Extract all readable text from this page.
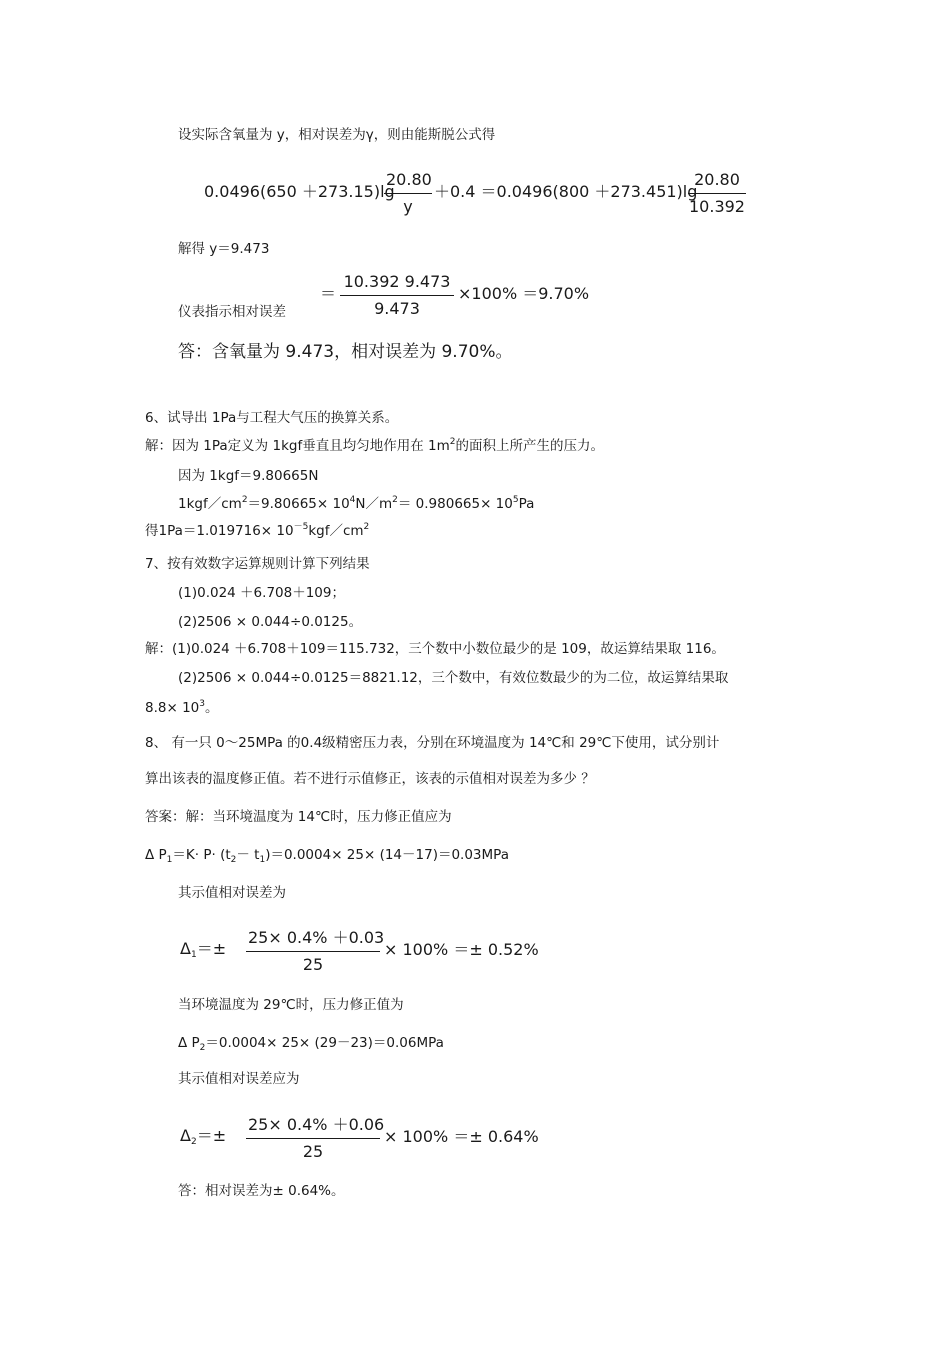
设实际含氧量为 y，相对误差为γ，则由能斯脱公式得
0.0496(650 ＋273.15)lg
20.80
y
＋0.4 ＝0.0496(800 ＋273.451)lg
20.80
10.392
解得 y＝9.473
仪表指示相对误差
＝
10.392 9.473
9.473
×100% ＝9.70%
答：含氧量为 9.473，相对误差为 9.70%。
6、试导出 1Pa与工程大气压的换算关系。
解：因为 1Pa定义为 1kgf垂直且均匀地作用在 $1m^2$的面积上所产生的压力。
因为 1kgf＝9.80665N
$1kgf/cm^2=9.80665\times$ $10^4N/m^2= 0.980665\times 10^5Pa$
得$1Pa=1.019716\times 10^{-5}kgf/cm^2$
7、按有效数字运算规则计算下列结果
(1)0.024 ＋6.708＋109；
(2)2506 × 0.044÷0.0125。
解：(1)0.024 ＋6.708＋109＝115.732，三个数中小数位最少的是 109，故运算结果取 116。
(2)2506 × 0.044÷0.0125＝8821.12，三个数中，有效位数最少的为二位，故运算结果取
$8.8\times 10^3$。
8、 有一只 0～25MPa 的0.4级精密压力表，分别在环境温度为 14℃和 29℃下使用，试分别计
算出该表的温度修正值。若不进行示值修正，该表的示值相对误差为多少 ？
答案：解：当环境温度为 14℃时，压力修正值应为
Δ $P_1=K\cdot P\cdot (t_2- t_1)=0.0004\times 25\times (14-17)=0.03MPa$
其示值相对误差为
$\Delta_1=\pm$
25× 0.4% ＋0.03
25
× 100% ＝± 0.52%
当环境温度为 29℃时，压力修正值为
Δ $P_2=0.0004\times 25\times (29-23)=0.06MPa$
其示值相对误差应为
$\Delta_2=\pm$
25× 0.4% ＋0.06
25
× 100% ＝± 0.64%
答：相对误差为± 0.64%。
